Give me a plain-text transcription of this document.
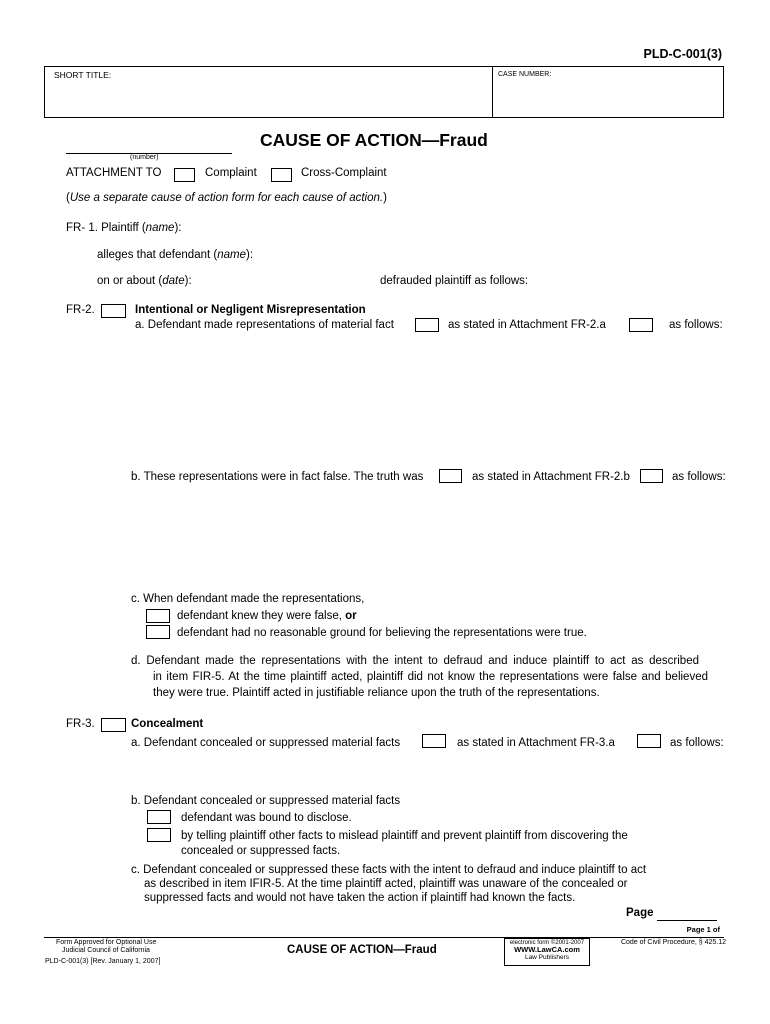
PLD-C-001(3)
SHORT TITLE:	CASE NUMBER:
CAUSE OF ACTION—Fraud
(number)
ATTACHMENT TO	Complaint	Cross-Complaint
(Use a separate cause of action form for each cause of action.)
FR- 1. Plaintiff (name):
alleges that defendant (name):
on or about (date):	defrauded plaintiff as follows:
FR-2.	Intentional or Negligent Misrepresentation
a. Defendant made representations of material fact	as stated in Attachment FR-2.a	as follows:
b. These representations were in fact false. The truth was	as stated in Attachment FR-2.b	as follows:
c. When defendant made the representations,
defendant knew they were false, or
defendant had no reasonable ground for believing the representations were true.
d. Defendant made the representations with the intent to defraud and induce plaintiff to act as described
in item FIR-5. At the time plaintiff acted, plaintiff did not know the representations were false and believed
they were true. Plaintiff acted in justifiable reliance upon the truth of the representations.
FR-3.	Concealment
a. Defendant concealed or suppressed material facts	as stated in Attachment FR-3.a	as follows:
b. Defendant concealed or suppressed material facts
defendant was bound to disclose.
by telling plaintiff other facts to mislead plaintiff and prevent plaintiff from discovering the
concealed or suppressed facts.
c. Defendant concealed or suppressed these facts with the intent to defraud and induce plaintiff to act
as described in item IFIR-5. At the time plaintiff acted, plaintiff was unaware of the concealed or
suppressed facts and would not have taken the action if plaintiff had known the facts.
Page
Page 1 of
Form Approved for Optional Use
Judicial Council of California
PLD-C-001(3) [Rev. January 1, 2007]
CAUSE OF ACTION—Fraud
electronic form ©2001-2007
WWW.LawCA.com
Law Publishers
Code of Civil Procedure, § 425.12
